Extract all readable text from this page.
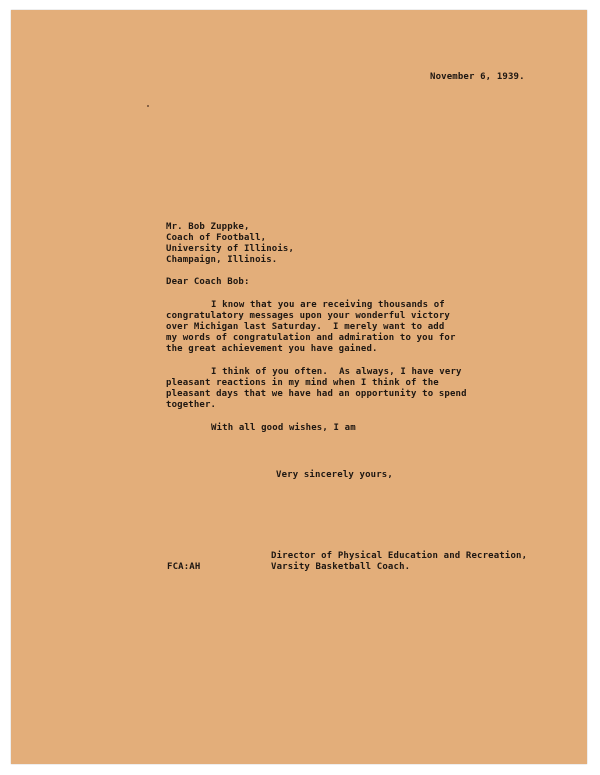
November 6, 1939.
Mr. Bob Zuppke,
Coach of Football,
University of Illinois,
Champaign, Illinois.
Dear Coach Bob:
I know that you are receiving thousands of
congratulatory messages upon your wonderful victory
over Michigan last Saturday.  I merely want to add
my words of congratulation and admiration to you for
the great achievement you have gained.
I think of you often.  As always, I have very
pleasant reactions in my mind when I think of the
pleasant days that we have had an opportunity to spend
together.
With all good wishes, I am
Very sincerely yours,
Director of Physical Education and Recreation,
FCA:AH	Varsity Basketball Coach.
